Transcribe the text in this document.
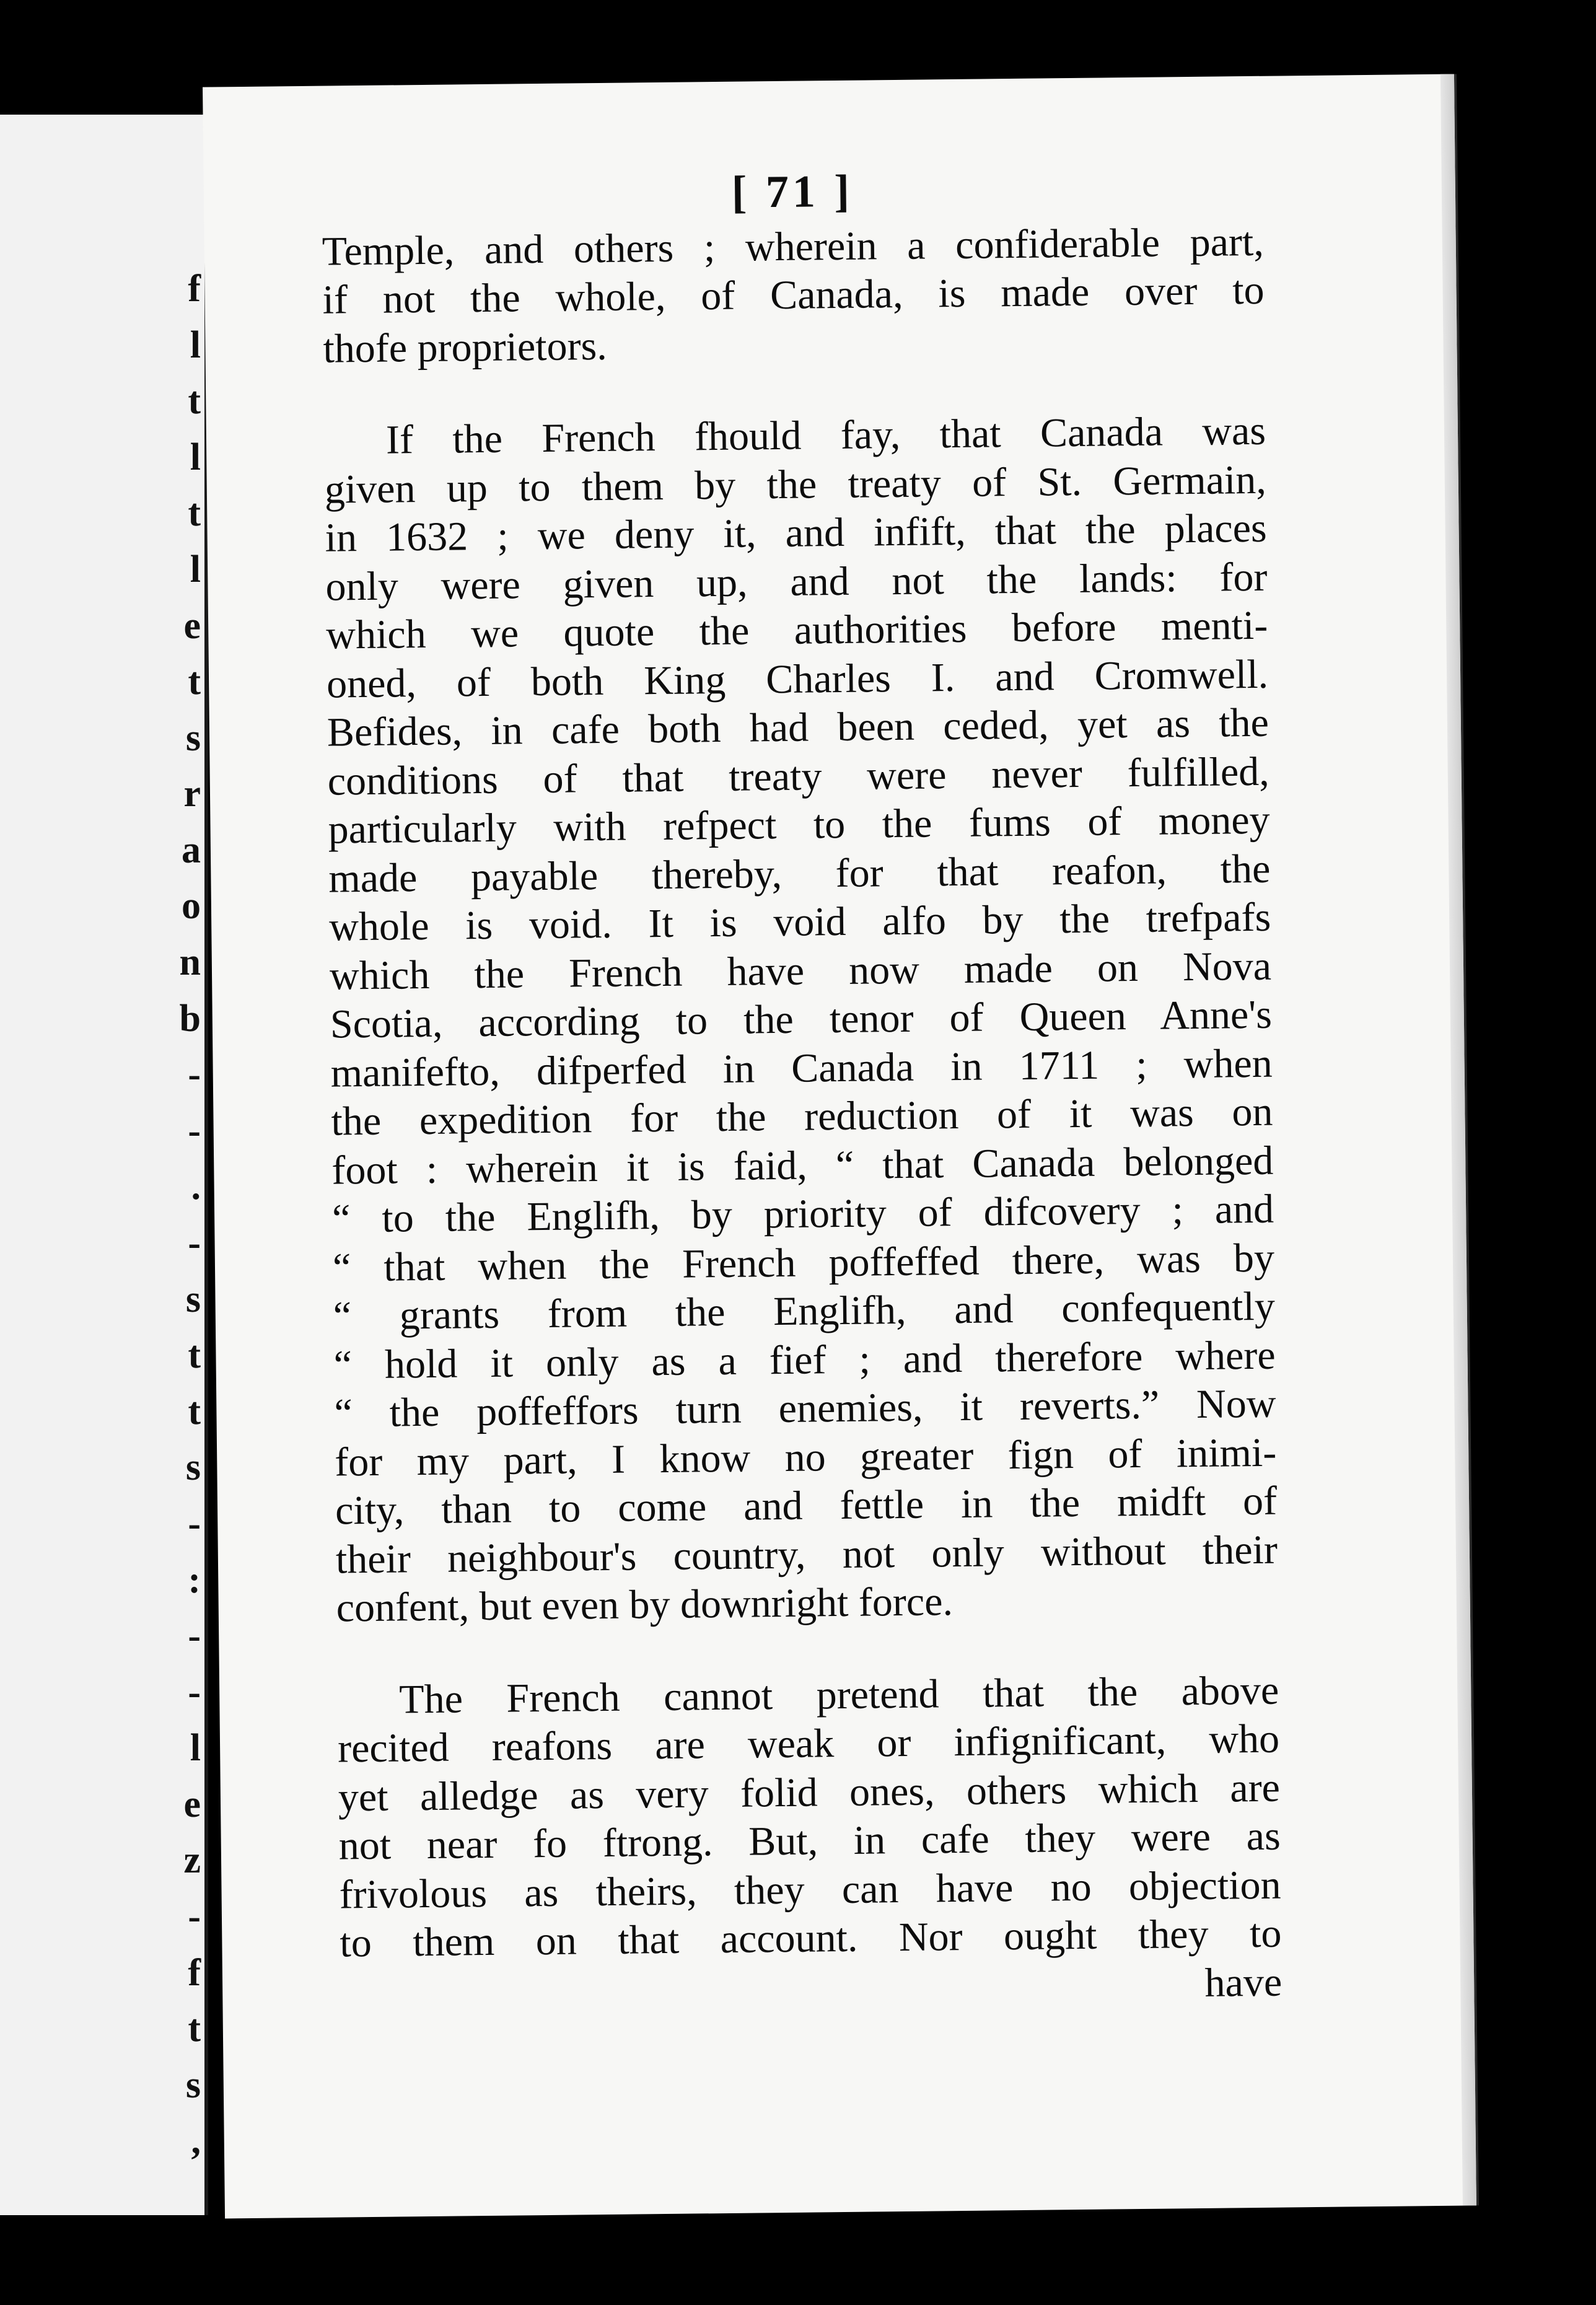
f
l
t
l
t
l
e
t
s
r
a
o
n
b
-
-
.
-
s
t
t
s
-
:
-
-
l
e
z
-
f
t
s
,
[ 71 ]
Temple, and others ; wherein a confiderable part,
if not the whole, of Canada, is made over to
thofe proprietors.
If the French fhould fay, that Canada was
given up to them by the treaty of St. Germain,
in 1632 ; we deny it, and infift, that the places
only were given up, and not the lands: for
which we quote the authorities before menti-
oned, of both King Charles I. and Cromwell.
Befides, in cafe both had been ceded, yet as the
conditions of that treaty were never fulfilled,
particularly with refpect to the fums of money
made payable thereby, for that reafon, the
whole is void. It is void alfo by the trefpafs
which the French have now made on Nova
Scotia, according to the tenor of Queen Anne's
manifefto, difperfed in Canada in 1711 ; when
the expedition for the reduction of it was on
foot : wherein it is faid, “ that Canada belonged
“ to the Englifh, by priority of difcovery ; and
“ that when the French poffeffed there, was by
“ grants from the Englifh, and confequently
“ hold it only as a fief ; and therefore where
“ the poffeffors turn enemies, it reverts.” Now
for my part, I know no greater fign of inimi-
city, than to come and fettle in the midft of
their neighbour's country, not only without their
confent, but even by downright force.
The French cannot pretend that the above
recited reafons are weak or infignificant, who
yet alledge as very folid ones, others which are
not near fo ftrong. But, in cafe they were as
frivolous as theirs, they can have no objection
to them on that account. Nor ought they to
have
